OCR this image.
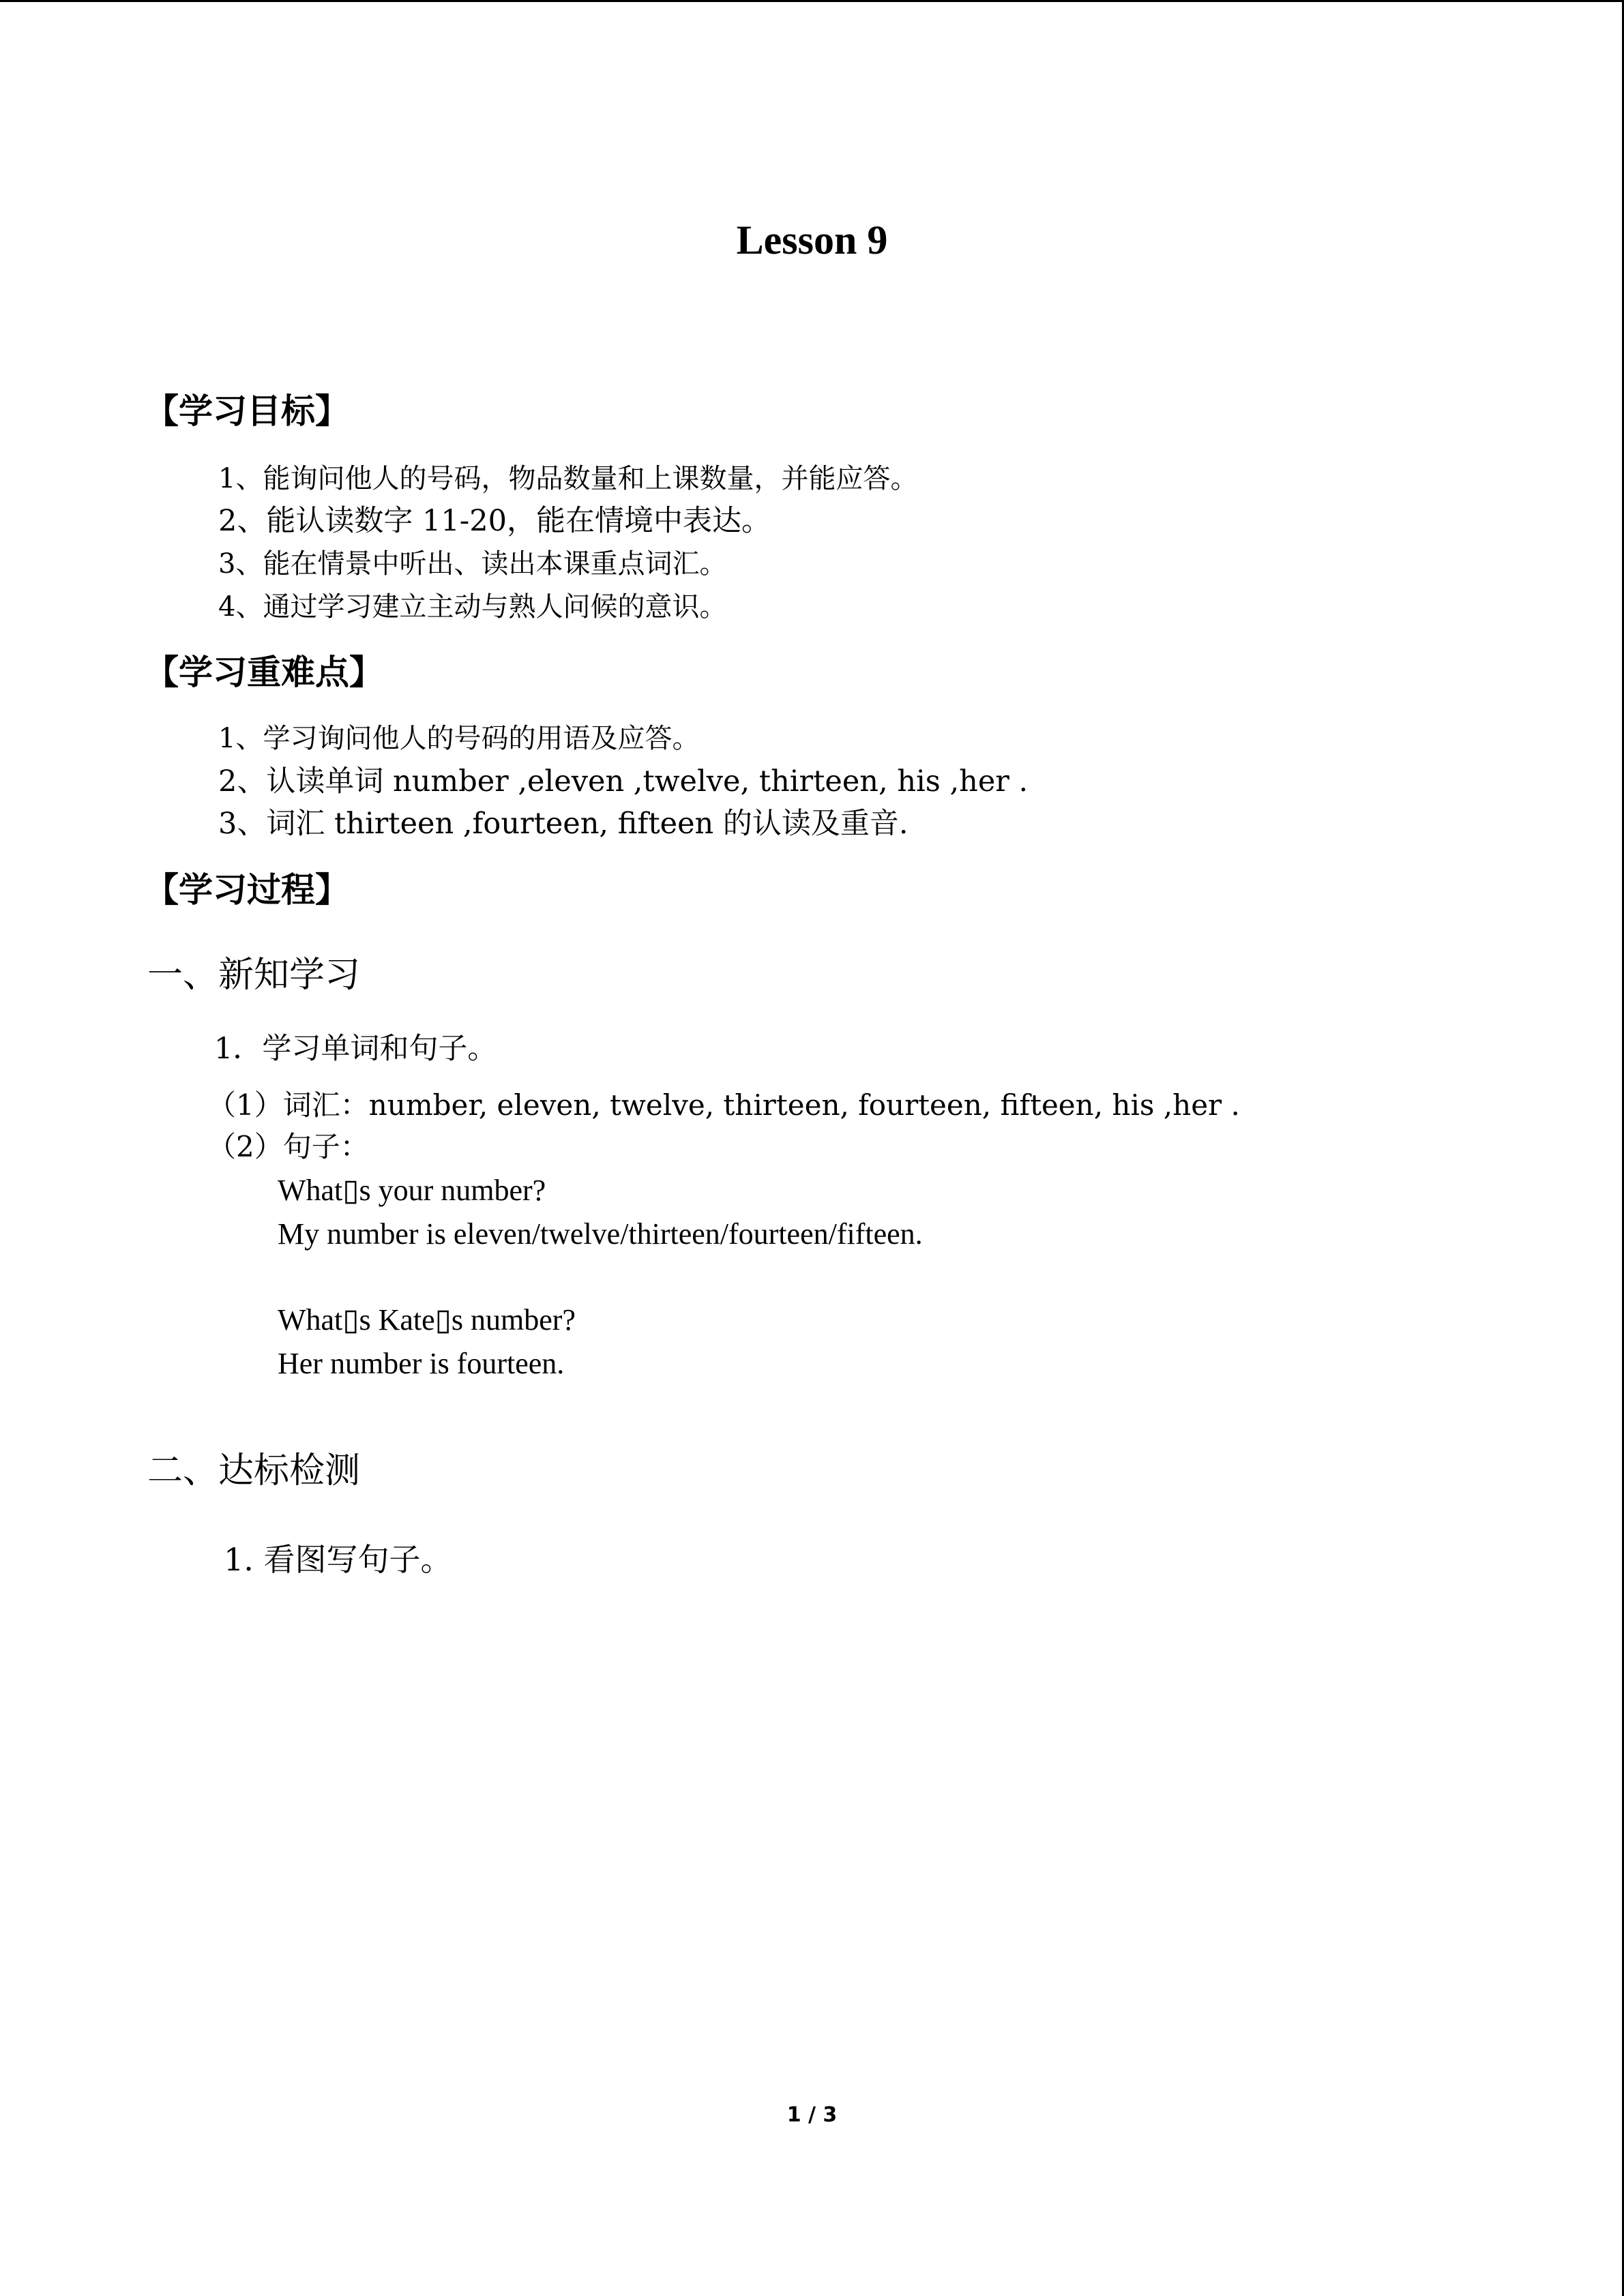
Lesson 9
【学习目标】
1、能询问他人的号码，物品数量和上课数量，并能应答。
2、能认读数字 11-20，能在情境中表达。
3、能在情景中听出、读出本课重点词汇。
4、通过学习建立主动与熟人问候的意识。
【学习重难点】
1、学习询问他人的号码的用语及应答。
2、认读单词 number ,eleven ,twelve, thirteen, his ,her .
3、词汇 thirteen ,fourteen, fifteen 的认读及重音.
【学习过程】
一、新知学习
1．学习单词和句子。
（1）词汇：number, eleven, twelve, thirteen, fourteen, fifteen, his ,her .
（2）句子：
What▯s your number?
My number is eleven/twelve/thirteen/fourteen/fifteen.
What▯s Kate▯s number?
Her number is fourteen.
二、达标检测
1. 看图写句子。
1 / 3
